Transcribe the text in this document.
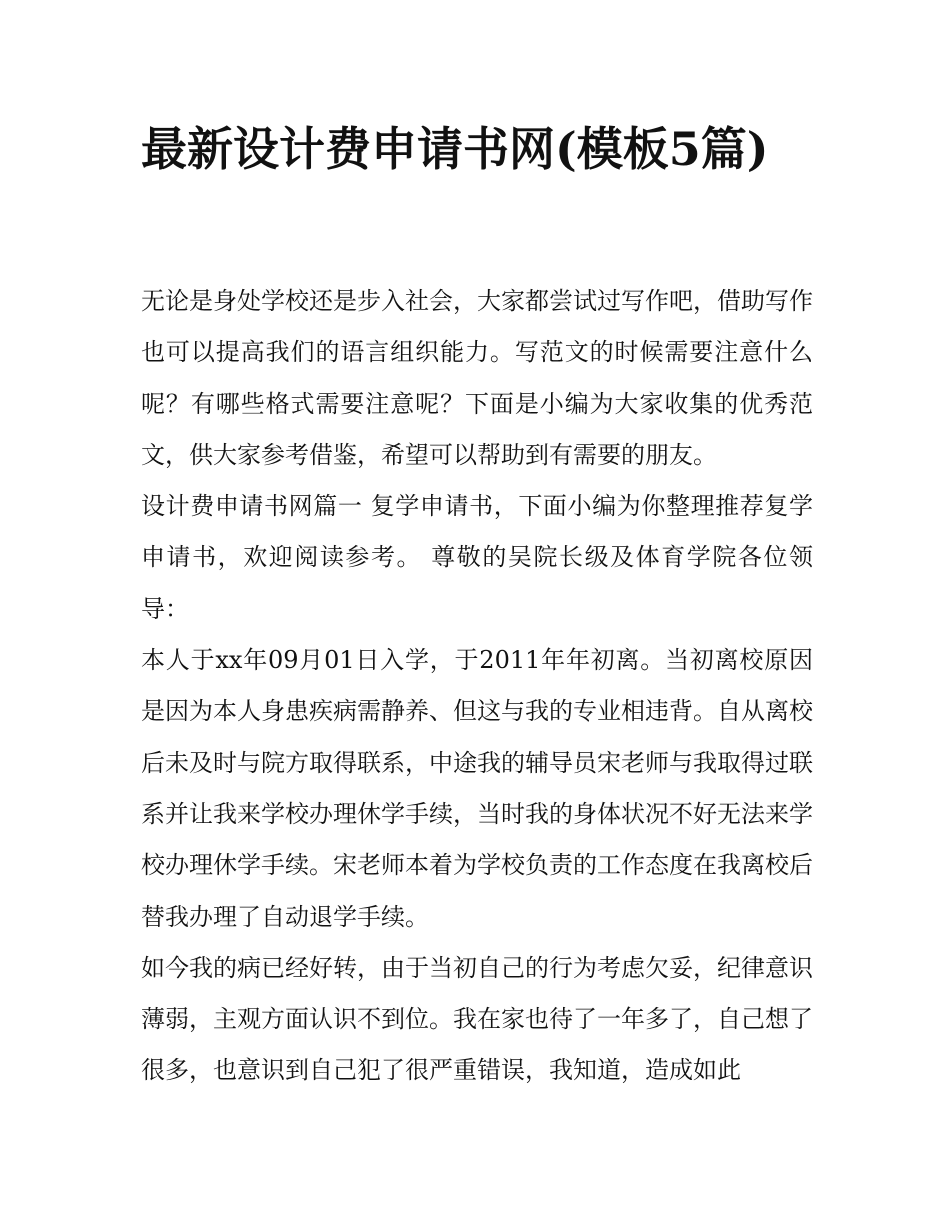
最新设计费申请书网(模板5篇)

无论是身处学校还是步入社会，大家都尝试过写作吧，借助写作也可以提高我们的语言组织能力。写范文的时候需要注意什么呢？有哪些格式需要注意呢？下面是小编为大家收集的优秀范文，供大家参考借鉴，希望可以帮助到有需要的朋友。

设计费申请书网篇一 复学申请书，下面小编为你整理推荐复学申请书，欢迎阅读参考。 尊敬的吴院长级及体育学院各位领导：

本人于xx年09月01日入学，于2011年年初离。当初离校原因是因为本人身患疾病需静养、但这与我的专业相违背。自从离校后未及时与院方取得联系，中途我的辅导员宋老师与我取得过联系并让我来学校办理休学手续，当时我的身体状况不好无法来学校办理休学手续。宋老师本着为学校负责的工作态度在我离校后替我办理了自动退学手续。

如今我的病已经好转，由于当初自己的行为考虑欠妥，纪律意识薄弱，主观方面认识不到位。我在家也待了一年多了，自己想了很多，也意识到自己犯了很严重错误，我知道，造成如此
